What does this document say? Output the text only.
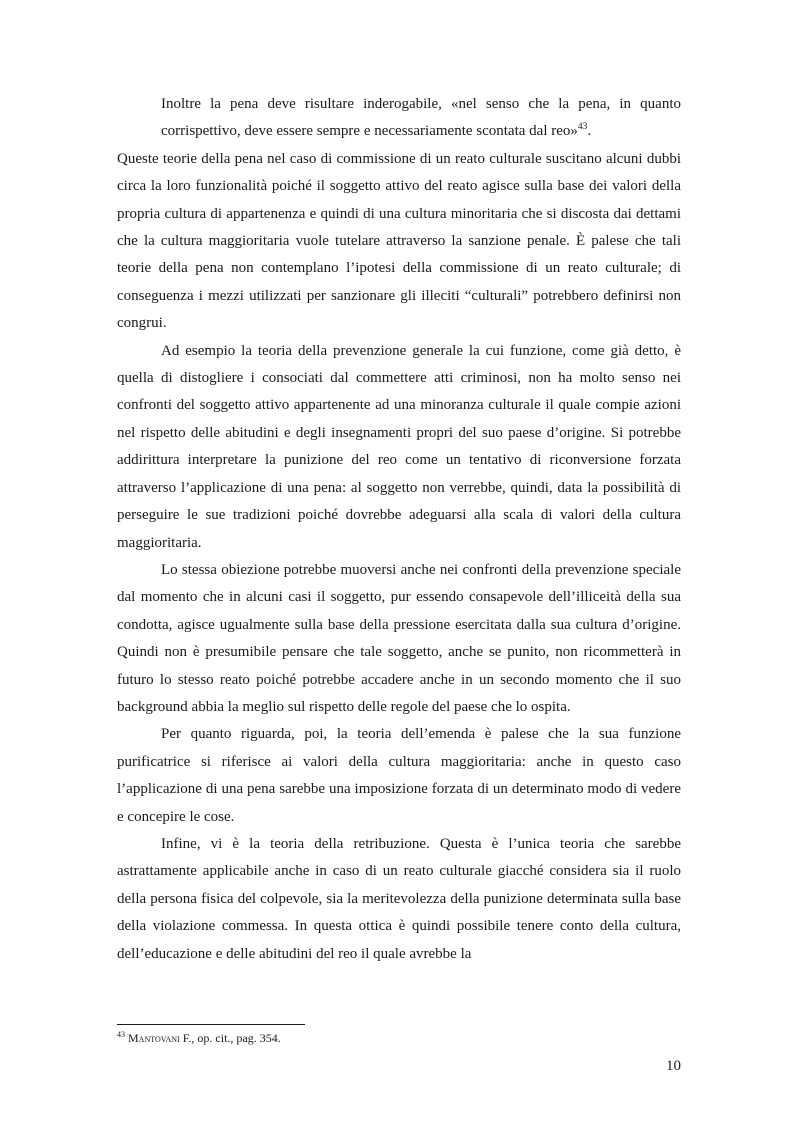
Inoltre la pena deve risultare inderogabile, «nel senso che la pena, in quanto corrispettivo, deve essere sempre e necessariamente scontata dal reo»$^{43}$.

Queste teorie della pena nel caso di commissione di un reato culturale suscitano alcuni dubbi circa la loro funzionalità poiché il soggetto attivo del reato agisce sulla base dei valori della propria cultura di appartenenza e quindi di una cultura minoritaria che si discosta dai dettami che la cultura maggioritaria vuole tutelare attraverso la sanzione penale. È palese che tali teorie della pena non contemplano l’ipotesi della commissione di un reato culturale; di conseguenza i mezzi utilizzati per sanzionare gli illeciti “culturali” potrebbero definirsi non congrui.

Ad esempio la teoria della prevenzione generale la cui funzione, come già detto, è quella di distogliere i consociati dal commettere atti criminosi, non ha molto senso nei confronti del soggetto attivo appartenente ad una minoranza culturale il quale compie azioni nel rispetto delle abitudini e degli insegnamenti propri del suo paese d’origine. Si potrebbe addirittura interpretare la punizione del reo come un tentativo di riconversione forzata attraverso l’applicazione di una pena: al soggetto non verrebbe, quindi, data la possibilità di perseguire le sue tradizioni poiché dovrebbe adeguarsi alla scala di valori della cultura maggioritaria.

Lo stessa obiezione potrebbe muoversi anche nei confronti della prevenzione speciale dal momento che in alcuni casi il soggetto, pur essendo consapevole dell’illiceità della sua condotta, agisce ugualmente sulla base della pressione esercitata dalla sua cultura d’origine. Quindi non è presumibile pensare che tale soggetto, anche se punito, non ricommetterà in futuro lo stesso reato poiché potrebbe accadere anche in un secondo momento che il suo background abbia la meglio sul rispetto delle regole del paese che lo ospita.

Per quanto riguarda, poi, la teoria dell’emenda è palese che la sua funzione purificatrice si riferisce ai valori della cultura maggioritaria: anche in questo caso l’applicazione di una pena sarebbe una imposizione forzata di un determinato modo di vedere e concepire le cose.

Infine, vi è la teoria della retribuzione. Questa è l’unica teoria che sarebbe astrattamente applicabile anche in caso di un reato culturale giacché considera sia il ruolo della persona fisica del colpevole, sia la meritevolezza della punizione determinata sulla base della violazione commessa. In questa ottica è quindi possibile tenere conto della cultura, dell’educazione e delle abitudini del reo il quale avrebbe la

$^{43}$ Mantovani F., op. cit., pag. 354.
10
